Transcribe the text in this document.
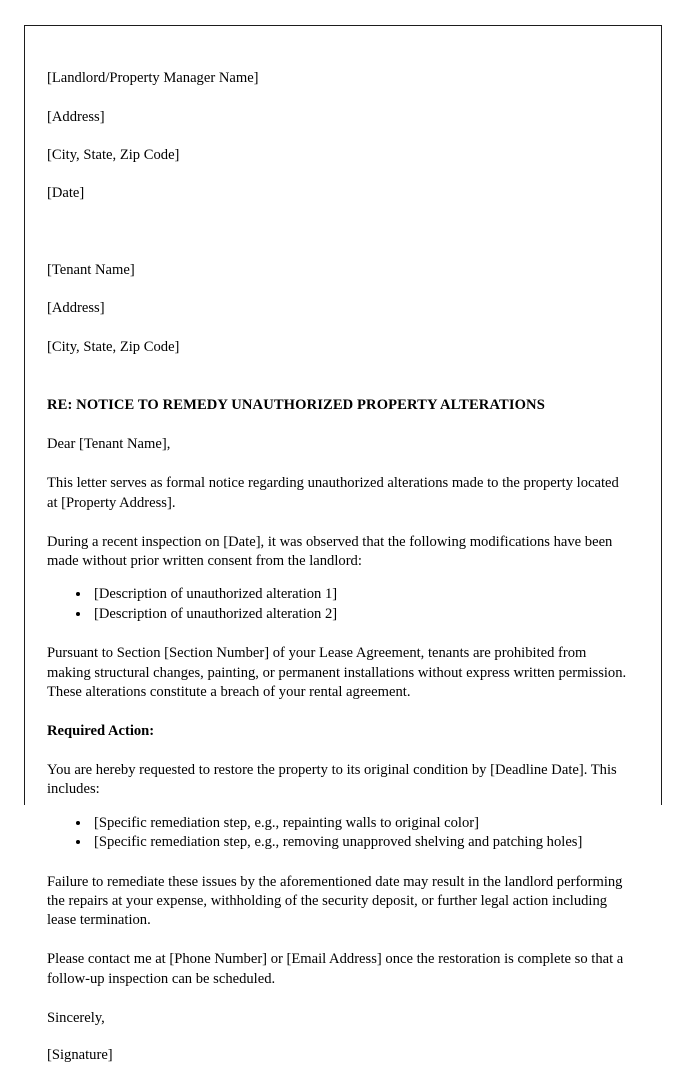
[Landlord/Property Manager Name]

[Address]

[City, State, Zip Code]

[Date]

[Tenant Name]

[Address]

[City, State, Zip Code]

RE: NOTICE TO REMEDY UNAUTHORIZED PROPERTY ALTERATIONS
Dear [Tenant Name],

This letter serves as formal notice regarding unauthorized alterations made to the property located at [Property Address].

During a recent inspection on [Date], it was observed that the following modifications have been made without prior written consent from the landlord:

• [Description of unauthorized alteration 1]
• [Description of unauthorized alteration 2]

Pursuant to Section [Section Number] of your Lease Agreement, tenants are prohibited from making structural changes, painting, or permanent installations without express written permission. These alterations constitute a breach of your rental agreement.

Required Action:

You are hereby requested to restore the property to its original condition by [Deadline Date]. This includes:

• [Specific remediation step, e.g., repainting walls to original color]
• [Specific remediation step, e.g., removing unapproved shelving and patching holes]

Failure to remediate these issues by the aforementioned date may result in the landlord performing the repairs at your expense, withholding of the security deposit, or further legal action including lease termination.

Please contact me at [Phone Number] or [Email Address] once the restoration is complete so that a follow-up inspection can be scheduled.

Sincerely,
[Signature]
